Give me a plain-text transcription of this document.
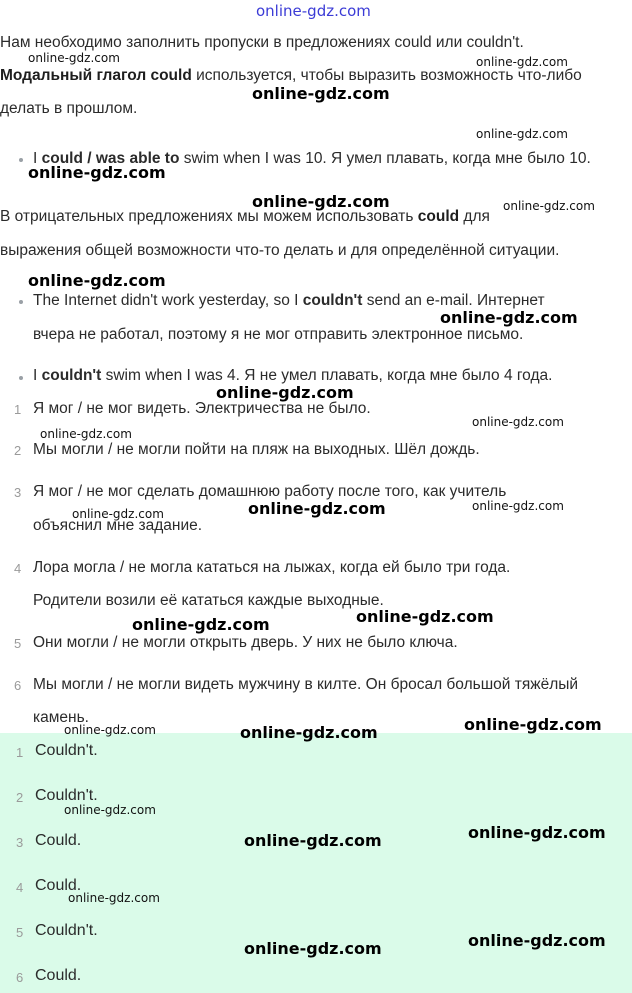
online-gdz.com
Нам необходимо заполнить пропуски в предложениях could или couldn't.
Модальный глагол could используется, чтобы выразить возможность что-либо
делать в прошлом.
I could / was able to swim when I was 10. Я умел плавать, когда мне было 10.
В отрицательных предложениях мы можем использовать could для
выражения общей возможности что-то делать и для определённой ситуации.
The Internet didn't work yesterday, so I couldn't send an e-mail. Интернет
вчера не работал, поэтому я не мог отправить электронное письмо.
I couldn't swim when I was 4. Я не умел плавать, когда мне было 4 года.
1 Я мог / не мог видеть. Электричества не было.
2 Мы могли / не могли пойти на пляж на выходных. Шёл дождь.
3 Я мог / не мог сделать домашнюю работу после того, как учитель
объяснил мне задание.
4 Лора могла / не могла кататься на лыжах, когда ей было три года.
Родители возили её кататься каждые выходные.
5 Они могли / не могли открыть дверь. У них не было ключа.
6 Мы могли / не могли видеть мужчину в килте. Он бросал большой тяжёлый
камень.
1 Couldn't.
2 Couldn't.
3 Could.
4 Could.
5 Couldn't.
6 Could.
online-gdz.com	online-gdz.com
online-gdz.com
online-gdz.com
online-gdz.com
online-gdz.com
online-gdz.com
online-gdz.com
online-gdz.com
online-gdz.com
online-gdz.com
online-gdz.com
online-gdz.com
online-gdz.com
online-gdz.com
online-gdz.com
online-gdz.com
online-gdz.com
online-gdz.com
online-gdz.com
online-gdz.com
online-gdz.com
online-gdz.com
online-gdz.com
online-gdz.com
online-gdz.com
